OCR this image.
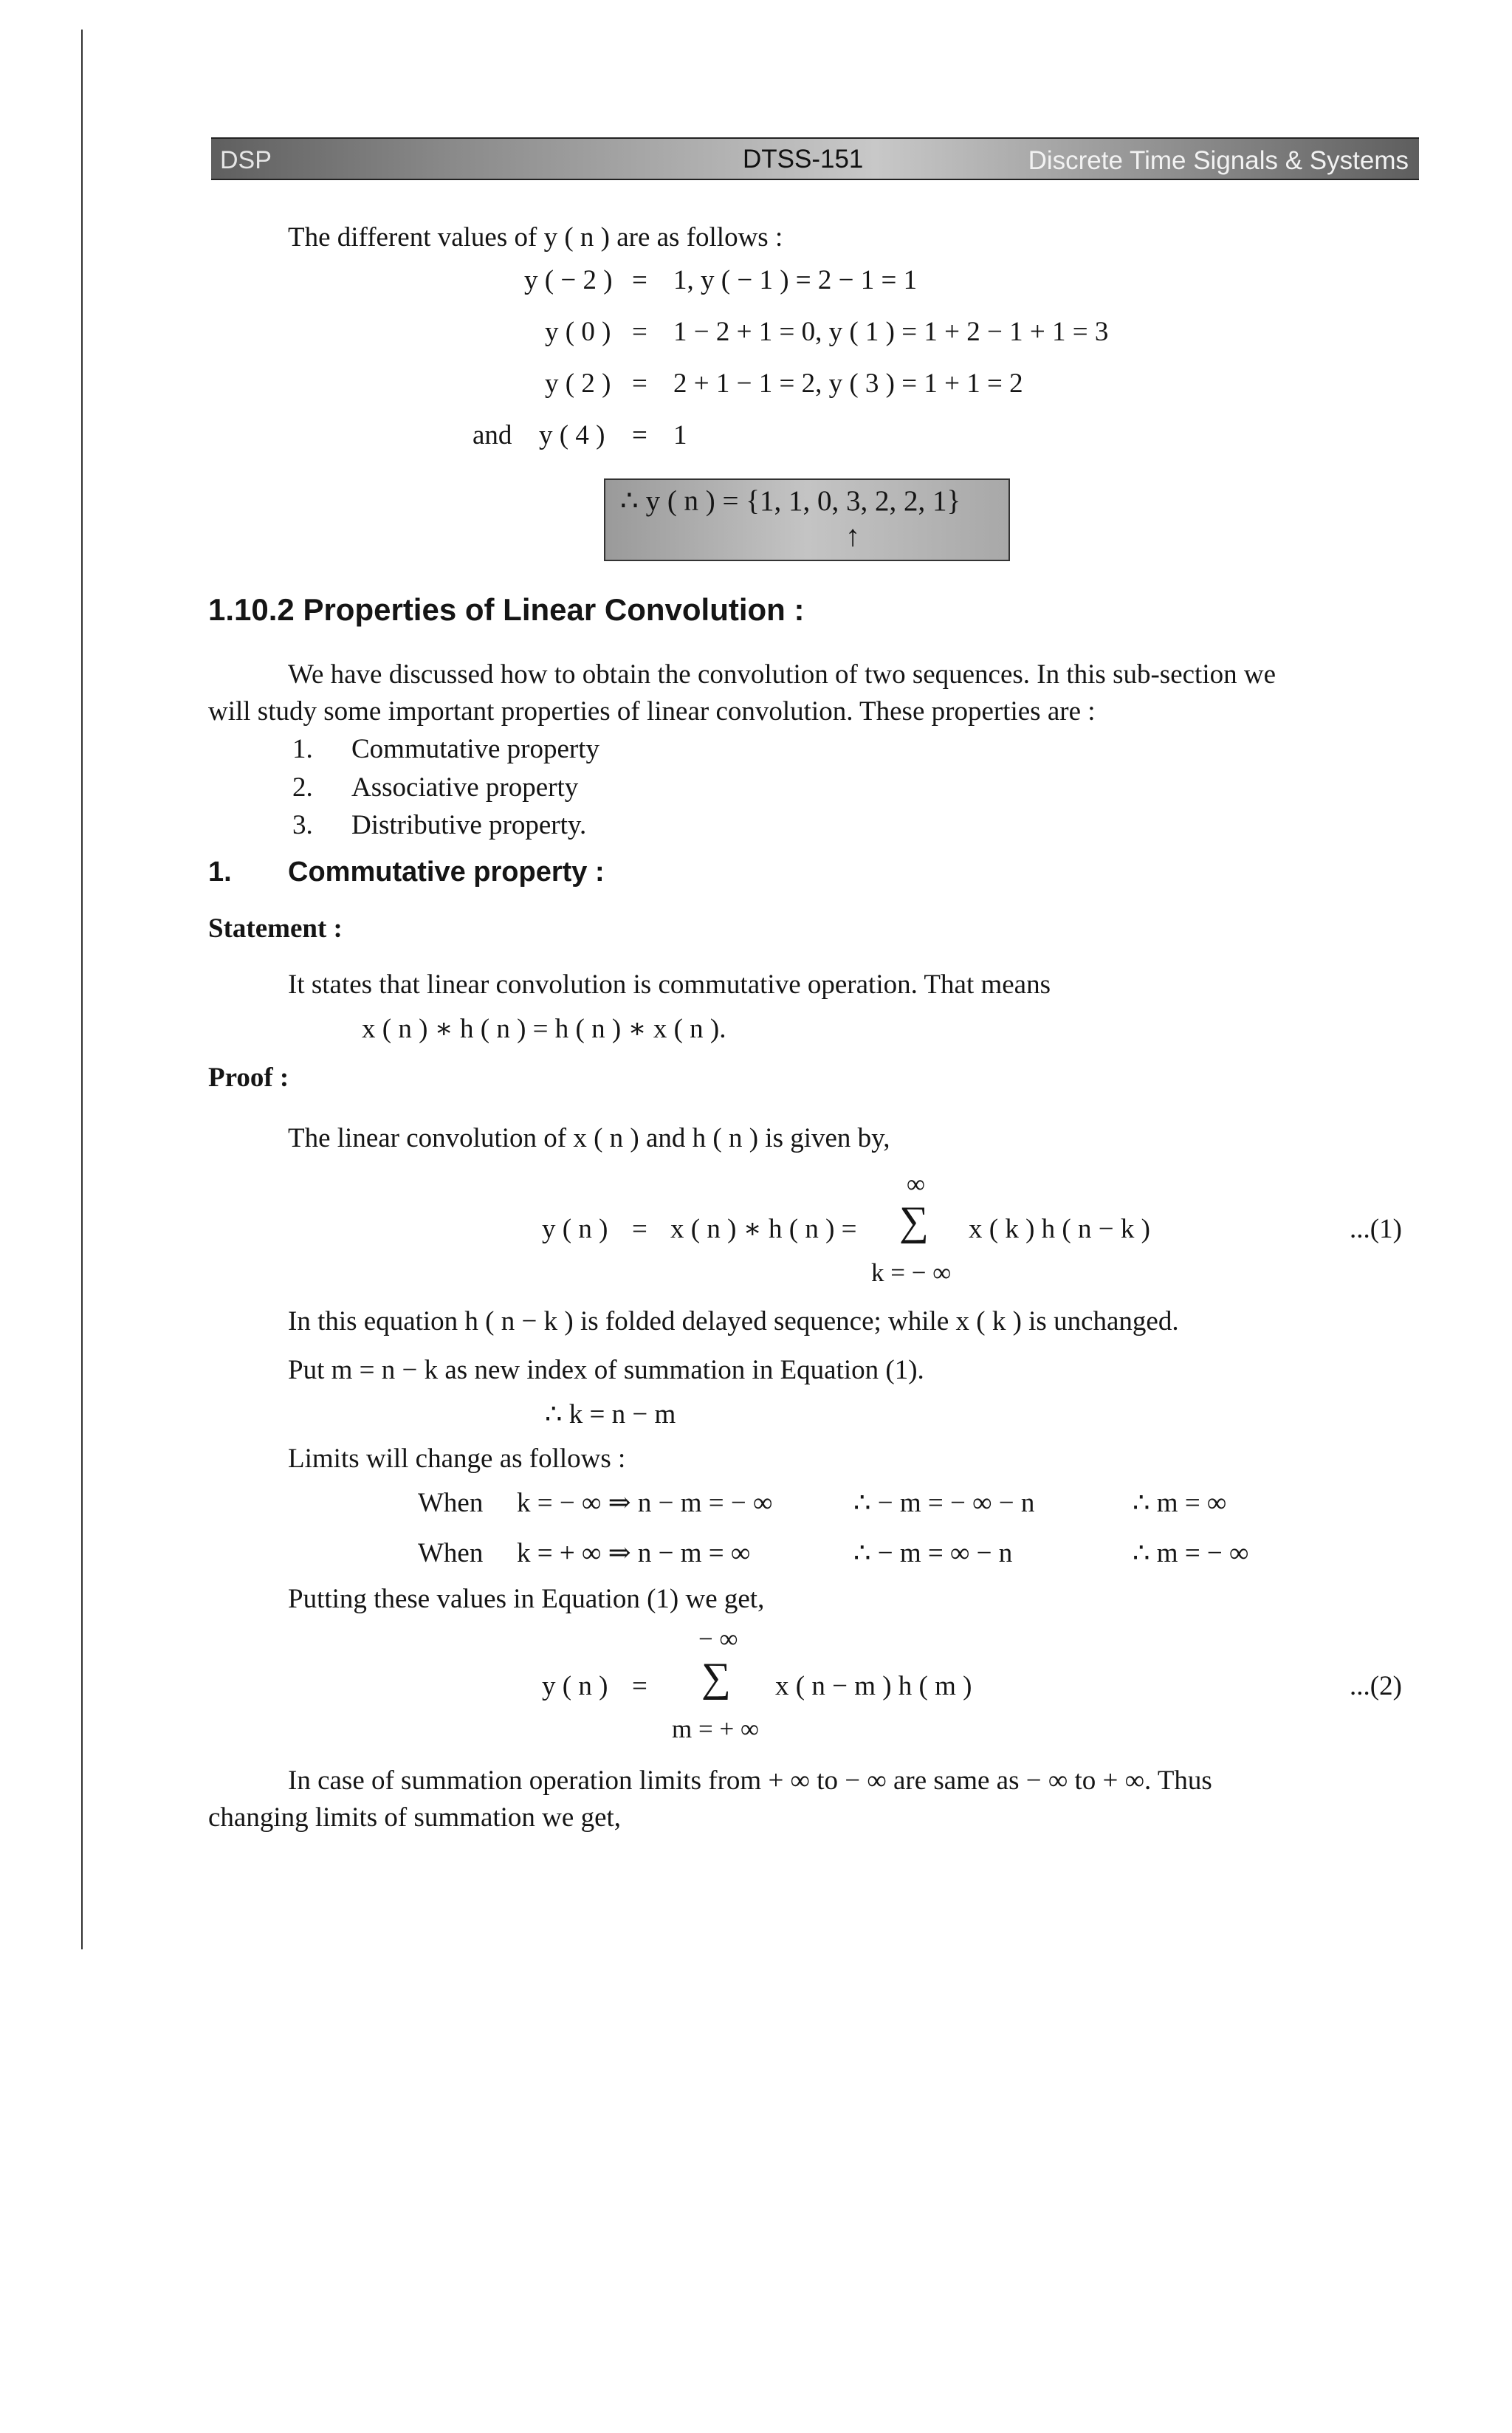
DSP	DTSS-151	Discrete Time Signals & Systems
The different values of y ( n ) are as follows :
y ( − 2 ) = 1, y ( − 1 ) = 2 − 1 = 1
y ( 0 ) = 1 − 2 + 1 = 0, y ( 1 ) = 1 + 2 − 1 + 1 = 3
y ( 2 ) = 2 + 1 − 1 = 2, y ( 3 ) = 1 + 1 = 2
and y ( 4 ) = 1
∴ y ( n ) = {1, 1, 0, 3, 2, 2, 1}
↑
1.10.2 Properties of Linear Convolution :
We have discussed how to obtain the convolution of two sequences. In this sub-section we
will study some important properties of linear convolution. These properties are :
1. Commutative property
2. Associative property
3. Distributive property.
1. Commutative property :
Statement :
It states that linear convolution is commutative operation. That means
x ( n ) ∗ h ( n ) = h ( n ) ∗ x ( n ).
Proof :
The linear convolution of x ( n ) and h ( n ) is given by,
y ( n ) = x ( n ) ∗ h ( n ) =
∞
∑
k = − ∞
x ( k ) h ( n − k )	...(1)
In this equation h ( n − k ) is folded delayed sequence; while x ( k ) is unchanged.
Put m = n − k as new index of summation in Equation (1).
∴ k = n − m
Limits will change as follows :
When k = − ∞ ⇒ n − m = − ∞	∴ − m = − ∞ − n	∴ m = ∞
When k = + ∞ ⇒ n − m = ∞	∴ − m = ∞ − n	∴ m = − ∞
Putting these values in Equation (1) we get,
y ( n ) =
− ∞
∑
m = + ∞
x ( n − m ) h ( m )	...(2)
In case of summation operation limits from + ∞ to − ∞ are same as − ∞ to + ∞. Thus
changing limits of summation we get,
